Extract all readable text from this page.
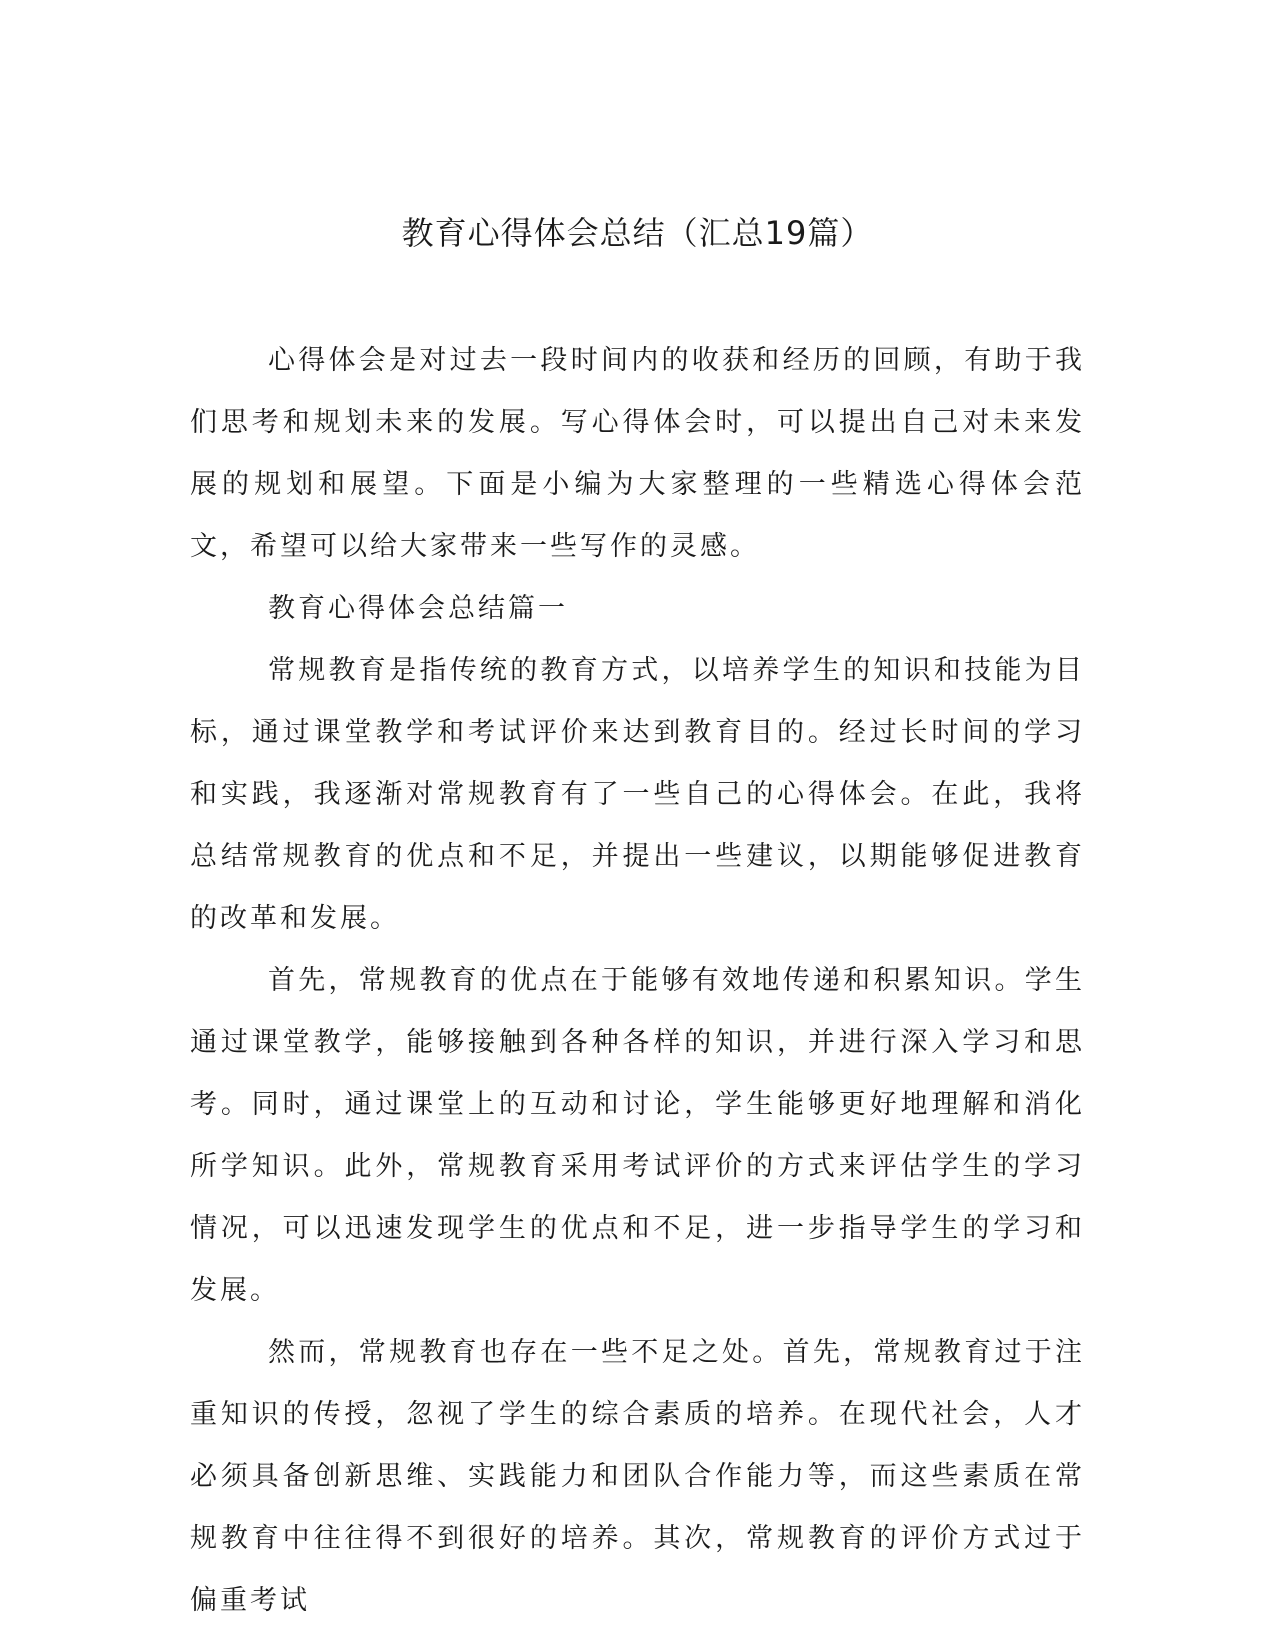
教育心得体会总结（汇总19篇）

心得体会是对过去一段时间内的收获和经历的回顾，有助于我们思考和规划未来的发展。写心得体会时，可以提出自己对未来发展的规划和展望。下面是小编为大家整理的一些精选心得体会范文，希望可以给大家带来一些写作的灵感。

教育心得体会总结篇一

常规教育是指传统的教育方式，以培养学生的知识和技能为目标，通过课堂教学和考试评价来达到教育目的。经过长时间的学习和实践，我逐渐对常规教育有了一些自己的心得体会。在此，我将总结常规教育的优点和不足，并提出一些建议，以期能够促进教育的改革和发展。

首先，常规教育的优点在于能够有效地传递和积累知识。学生通过课堂教学，能够接触到各种各样的知识，并进行深入学习和思考。同时，通过课堂上的互动和讨论，学生能够更好地理解和消化所学知识。此外，常规教育采用考试评价的方式来评估学生的学习情况，可以迅速发现学生的优点和不足，进一步指导学生的学习和发展。

然而，常规教育也存在一些不足之处。首先，常规教育过于注重知识的传授，忽视了学生的综合素质的培养。在现代社会，人才必须具备创新思维、实践能力和团队合作能力等，而这些素质在常规教育中往往得不到很好的培养。其次，常规教育的评价方式过于偏重考试
